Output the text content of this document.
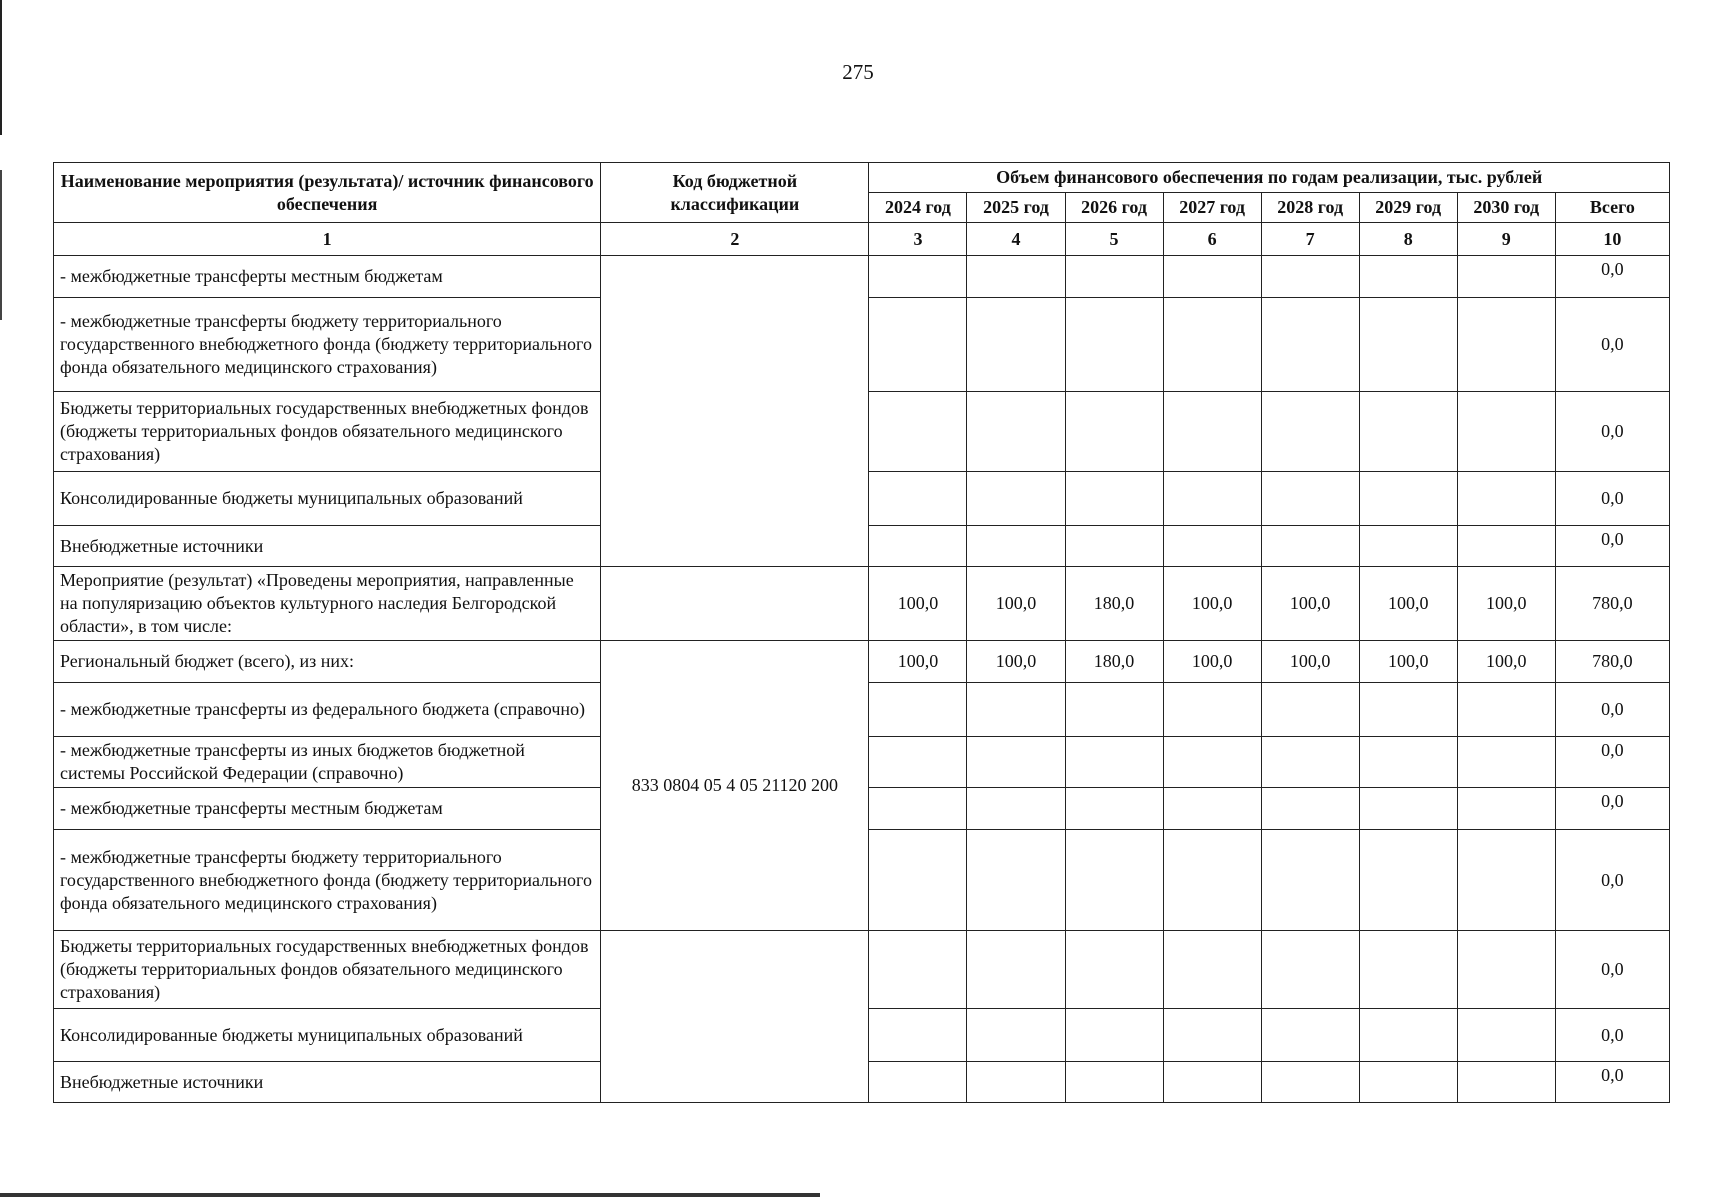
275
Наименование мероприятия (результата)/ источник финансового обеспечения	Код бюджетной классификации	Объем финансового обеспечения по годам реализации, тыс. рублей							
		2024 год	2025 год	2026 год	2027 год	2028 год	2029 год	2030 год	Всего
1	2	3	4	5	6	7	8	9	10
- межбюджетные трансферты местным бюджетам									0,0
- межбюджетные трансферты бюджету территориального государственного внебюджетного фонда (бюджету территориального фонда обязательного медицинского страхования)									0,0
Бюджеты территориальных государственных внебюджетных фондов (бюджеты территориальных фондов обязательного медицинского страхования)									0,0
Консолидированные бюджеты муниципальных образований									0,0
Внебюджетные источники									0,0
Мероприятие (результат) «Проведены мероприятия, направленные на популяризацию объектов культурного наследия Белгородской области», в том числе:		100,0	100,0	180,0	100,0	100,0	100,0	100,0	780,0
Региональный бюджет (всего), из них:	833 0804 05 4 05 21120 200	100,0	100,0	180,0	100,0	100,0	100,0	100,0	780,0
- межбюджетные трансферты из федерального бюджета (справочно)									0,0
- межбюджетные трансферты из иных бюджетов бюджетной системы Российской Федерации (справочно)									0,0
- межбюджетные трансферты местным бюджетам									0,0
- межбюджетные трансферты бюджету территориального государственного внебюджетного фонда (бюджету территориального фонда обязательного медицинского страхования)									0,0
Бюджеты территориальных государственных внебюджетных фондов (бюджеты территориальных фондов обязательного медицинского страхования)									0,0
Консолидированные бюджеты муниципальных образований									0,0
Внебюджетные источники									0,0
